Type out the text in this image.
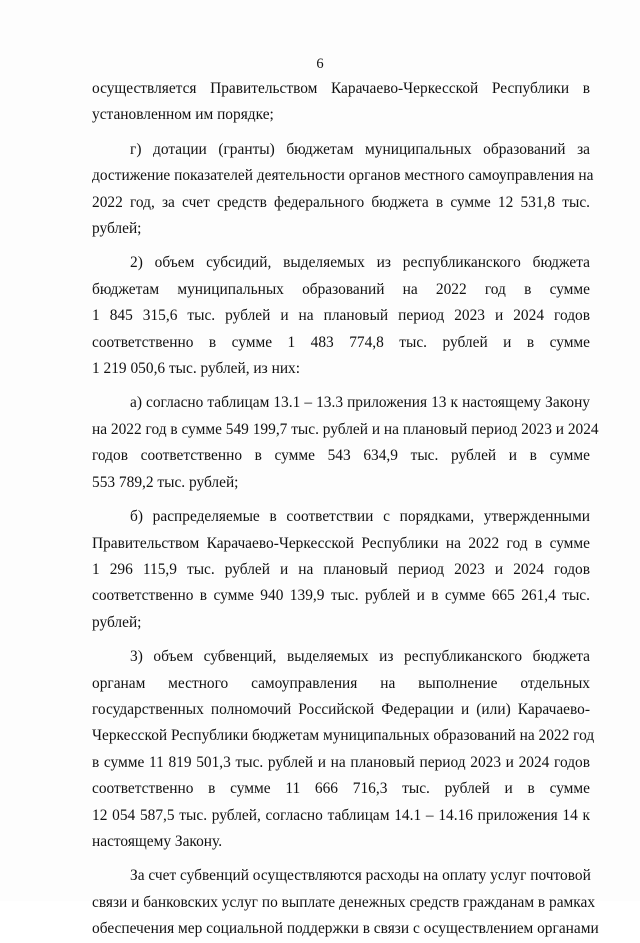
6
осуществляется Правительством Карачаево-Черкесской Республики в
установленном им порядке;
г) дотации (гранты) бюджетам муниципальных образований за
достижение показателей деятельности органов местного самоуправления на
2022 год, за счет средств федерального бюджета в сумме 12 531,8 тыс.
рублей;
2) объем субсидий, выделяемых из республиканского бюджета
бюджетам муниципальных образований на 2022 год в сумме
1 845 315,6 тыс. рублей и на плановый период 2023 и 2024 годов
соответственно в сумме 1 483 774,8 тыс. рублей и в сумме
1 219 050,6 тыс. рублей, из них:
а) согласно таблицам 13.1 – 13.3 приложения 13 к настоящему Закону
на 2022 год в сумме 549 199,7 тыс. рублей и на плановый период 2023 и 2024
годов соответственно в сумме 543 634,9 тыс. рублей и в сумме
553 789,2 тыс. рублей;
б) распределяемые в соответствии с порядками, утвержденными
Правительством Карачаево-Черкесской Республики на 2022 год в сумме
1 296 115,9 тыс. рублей и на плановый период 2023 и 2024 годов
соответственно в сумме 940 139,9 тыс. рублей и в сумме 665 261,4 тыс.
рублей;
3) объем субвенций, выделяемых из республиканского бюджета
органам местного самоуправления на выполнение отдельных
государственных полномочий Российской Федерации и (или) Карачаево-
Черкесской Республики бюджетам муниципальных образований на 2022 год
в сумме 11 819 501,3 тыс. рублей и на плановый период 2023 и 2024 годов
соответственно в сумме 11 666 716,3 тыс. рублей и в сумме
12 054 587,5 тыс. рублей, согласно таблицам 14.1 – 14.16 приложения 14 к
настоящему Закону.
За счет субвенций осуществляются расходы на оплату услуг почтовой
связи и банковских услуг по выплате денежных средств гражданам в рамках
обеспечения мер социальной поддержки в связи с осуществлением органами
